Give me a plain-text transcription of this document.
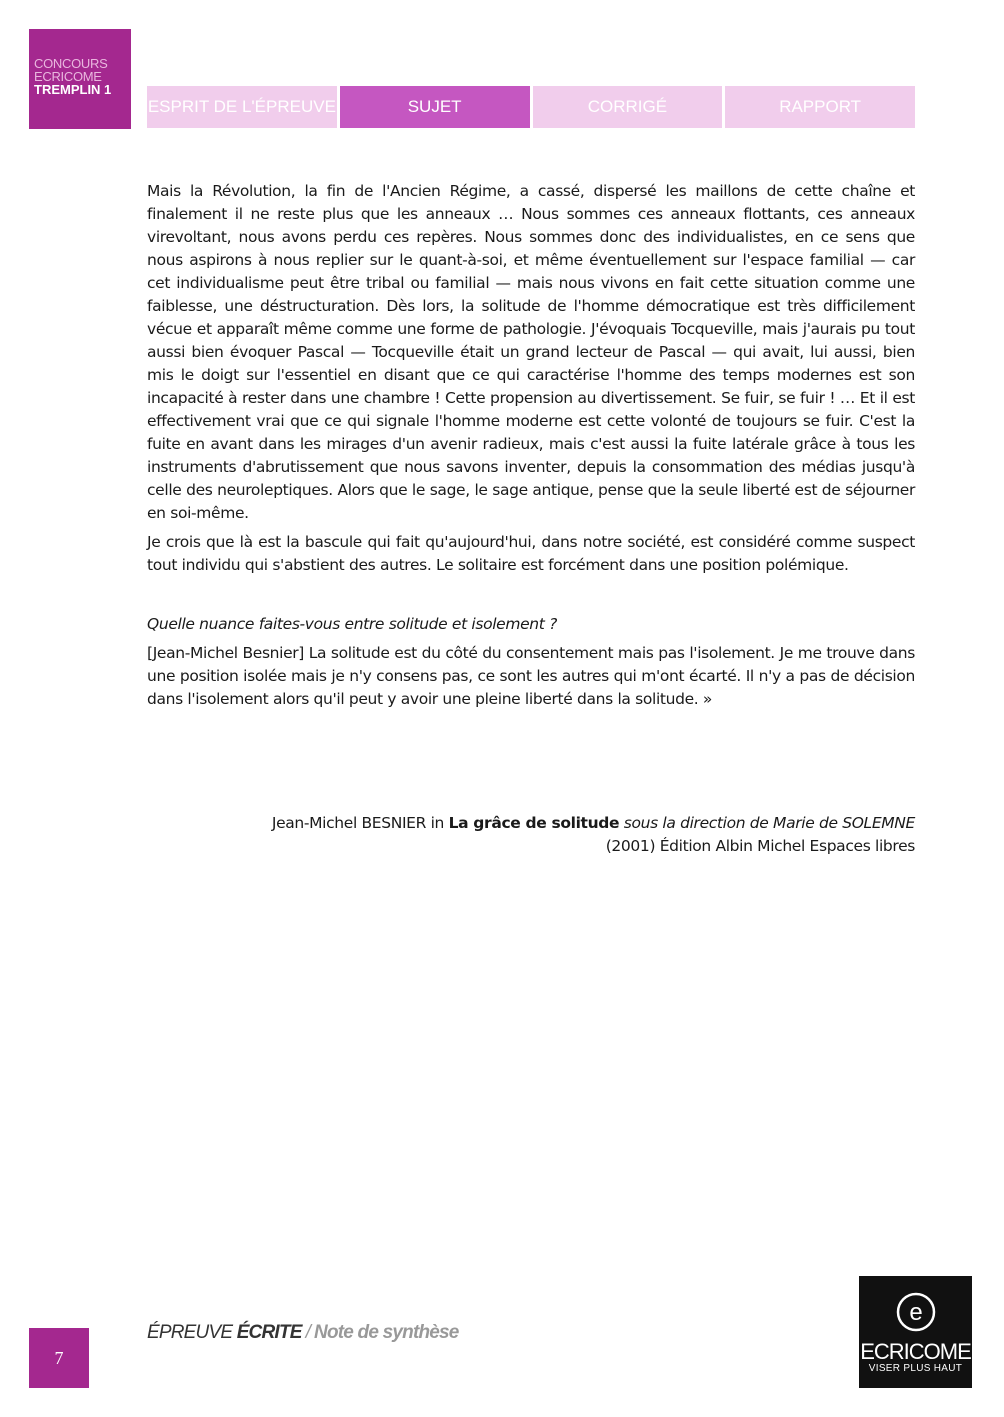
CONCOURS
ECRICOME
TREMPLIN 1
ESPRIT DE L'ÉPREUVE	SUJET	CORRIGÉ	RAPPORT

Mais la Révolution, la fin de l'Ancien Régime, a cassé, dispersé les maillons de cette chaîne et finalement il ne reste plus que les anneaux … Nous sommes ces anneaux flottants, ces anneaux virevoltant, nous avons perdu ces repères. Nous sommes donc des individualistes, en ce sens que nous aspirons à nous replier sur le quant-à-soi, et même éventuellement sur l'espace familial — car cet individualisme peut être tribal ou familial — mais nous vivons en fait cette situation comme une faiblesse, une déstructuration. Dès lors, la solitude de l'homme démocratique est très difficilement vécue et apparaît même comme une forme de pathologie. J'évoquais Tocqueville, mais j'aurais pu tout aussi bien évoquer Pascal — Tocqueville était un grand lecteur de Pascal — qui avait, lui aussi, bien mis le doigt sur l'essentiel en disant que ce qui caractérise l'homme des temps modernes est son incapacité à rester dans une chambre ! Cette propension au divertissement. Se fuir, se fuir ! … Et il est effectivement vrai que ce qui signale l'homme moderne est cette volonté de toujours se fuir. C'est la fuite en avant dans les mirages d'un avenir radieux, mais c'est aussi la fuite latérale grâce à tous les instruments d'abrutissement que nous savons inventer, depuis la consommation des médias jusqu'à celle des neuroleptiques. Alors que le sage, le sage antique, pense que la seule liberté est de séjourner en soi-même.

Je crois que là est la bascule qui fait qu'aujourd'hui, dans notre société, est considéré comme suspect tout individu qui s'abstient des autres. Le solitaire est forcément dans une position polémique.

Quelle nuance faites-vous entre solitude et isolement ?

[Jean-Michel Besnier] La solitude est du côté du consentement mais pas l'isolement. Je me trouve dans une position isolée mais je n'y consens pas, ce sont les autres qui m'ont écarté. Il n'y a pas de décision dans l'isolement alors qu'il peut y avoir une pleine liberté dans la solitude. »

Jean-Michel BESNIER in La grâce de solitude sous la direction de Marie de SOLEMNE
(2001) Édition Albin Michel Espaces libres
7
ÉPREUVE ÉCRITE / Note de synthèse
e
ECRICOME
VISER PLUS HAUT
